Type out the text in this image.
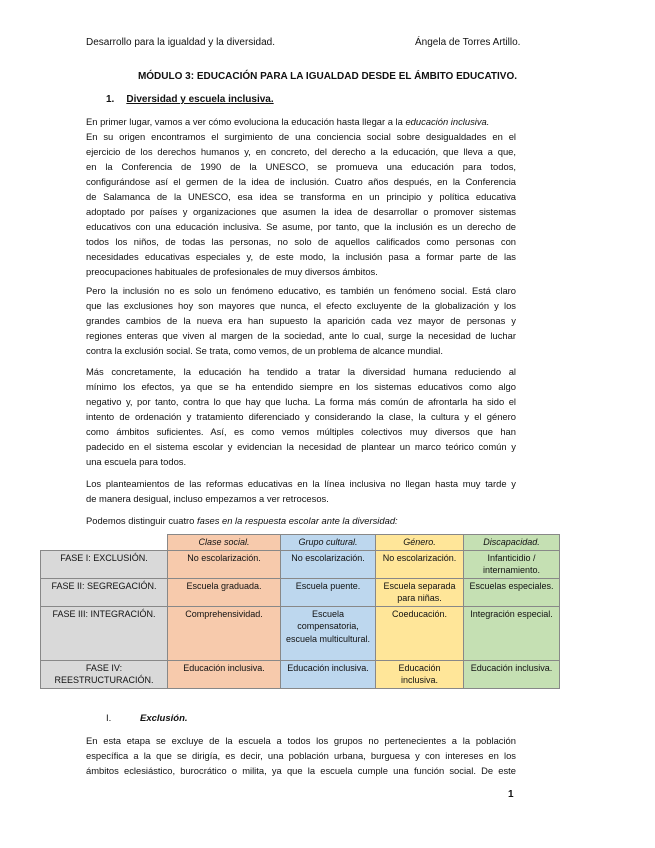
Desarrollo para la igualdad y la diversidad.	Ángela de Torres Artillo.
MÓDULO 3: EDUCACIÓN PARA LA IGUALDAD DESDE EL ÁMBITO EDUCATIVO.
1. Diversidad y escuela inclusiva.
En primer lugar, vamos a ver cómo evoluciona la educación hasta llegar a la educación inclusiva.
En su origen encontramos el surgimiento de una conciencia social sobre desigualdades en el
ejercicio de los derechos humanos y, en concreto, del derecho a la educación, que lleva a que,
en la Conferencia de 1990 de la UNESCO, se promueva una educación para todos,
configurándose así el germen de la idea de inclusión. Cuatro años después, en la Conferencia
de Salamanca de la UNESCO, esa idea se transforma en un principio y política educativa
adoptado por países y organizaciones que asumen la idea de desarrollar o promover sistemas
educativos con una educación inclusiva. Se asume, por tanto, que la inclusión es un derecho de
todos los niños, de todas las personas, no solo de aquellos calificados como personas con
necesidades educativas especiales y, de este modo, la inclusión pasa a formar parte de las
preocupaciones habituales de profesionales de muy diversos ámbitos.
Pero la inclusión no es solo un fenómeno educativo, es también un fenómeno social. Está claro
que las exclusiones hoy son mayores que nunca, el efecto excluyente de la globalización y los
grandes cambios de la nueva era han supuesto la aparición cada vez mayor de personas y
regiones enteras que viven al margen de la sociedad, ante lo cual, surge la necesidad de luchar
contra la exclusión social. Se trata, como vemos, de un problema de alcance mundial.
Más concretamente, la educación ha tendido a tratar la diversidad humana reduciendo al
mínimo los efectos, ya que se ha entendido siempre en los sistemas educativos como algo
negativo y, por tanto, contra lo que hay que lucha. La forma más común de afrontarla ha sido el
intento de ordenación y tratamiento diferenciado y considerando la clase, la cultura y el género
como ámbitos suficientes. Así, es como vemos múltiples colectivos muy diversos que han
padecido en el sistema escolar y evidencian la necesidad de plantear un marco teórico común y
una escuela para todos.
Los planteamientos de las reformas educativas en la línea inclusiva no llegan hasta muy tarde y
de manera desigual, incluso empezamos a ver retrocesos.
Podemos distinguir cuatro fases en la respuesta escolar ante la diversidad:
	Clase social.	Grupo cultural.	Género.	Discapacidad.
FASE I: EXCLUSIÓN.	No escolarización.	No escolarización.	No escolarización.	Infanticidio / internamiento.
FASE II: SEGREGACIÓN.	Escuela graduada.	Escuela puente.	Escuela separada para niñas.	Escuelas especiales.
FASE III: INTEGRACIÓN.	Comprehensividad.	Escuela compensatoria, escuela multicultural.	Coeducación.	Integración especial.
FASE IV: REESTRUCTURACIÓN.	Educación inclusiva.	Educación inclusiva.	Educación inclusiva.	Educación inclusiva.
I.	Exclusión.
En esta etapa se excluye de la escuela a todos los grupos no pertenecientes a la población
específica a la que se dirigía, es decir, una población urbana, burguesa y con intereses en los
ámbitos eclesiástico, burocrático o milita, ya que la escuela cumple una función social. De este
1
